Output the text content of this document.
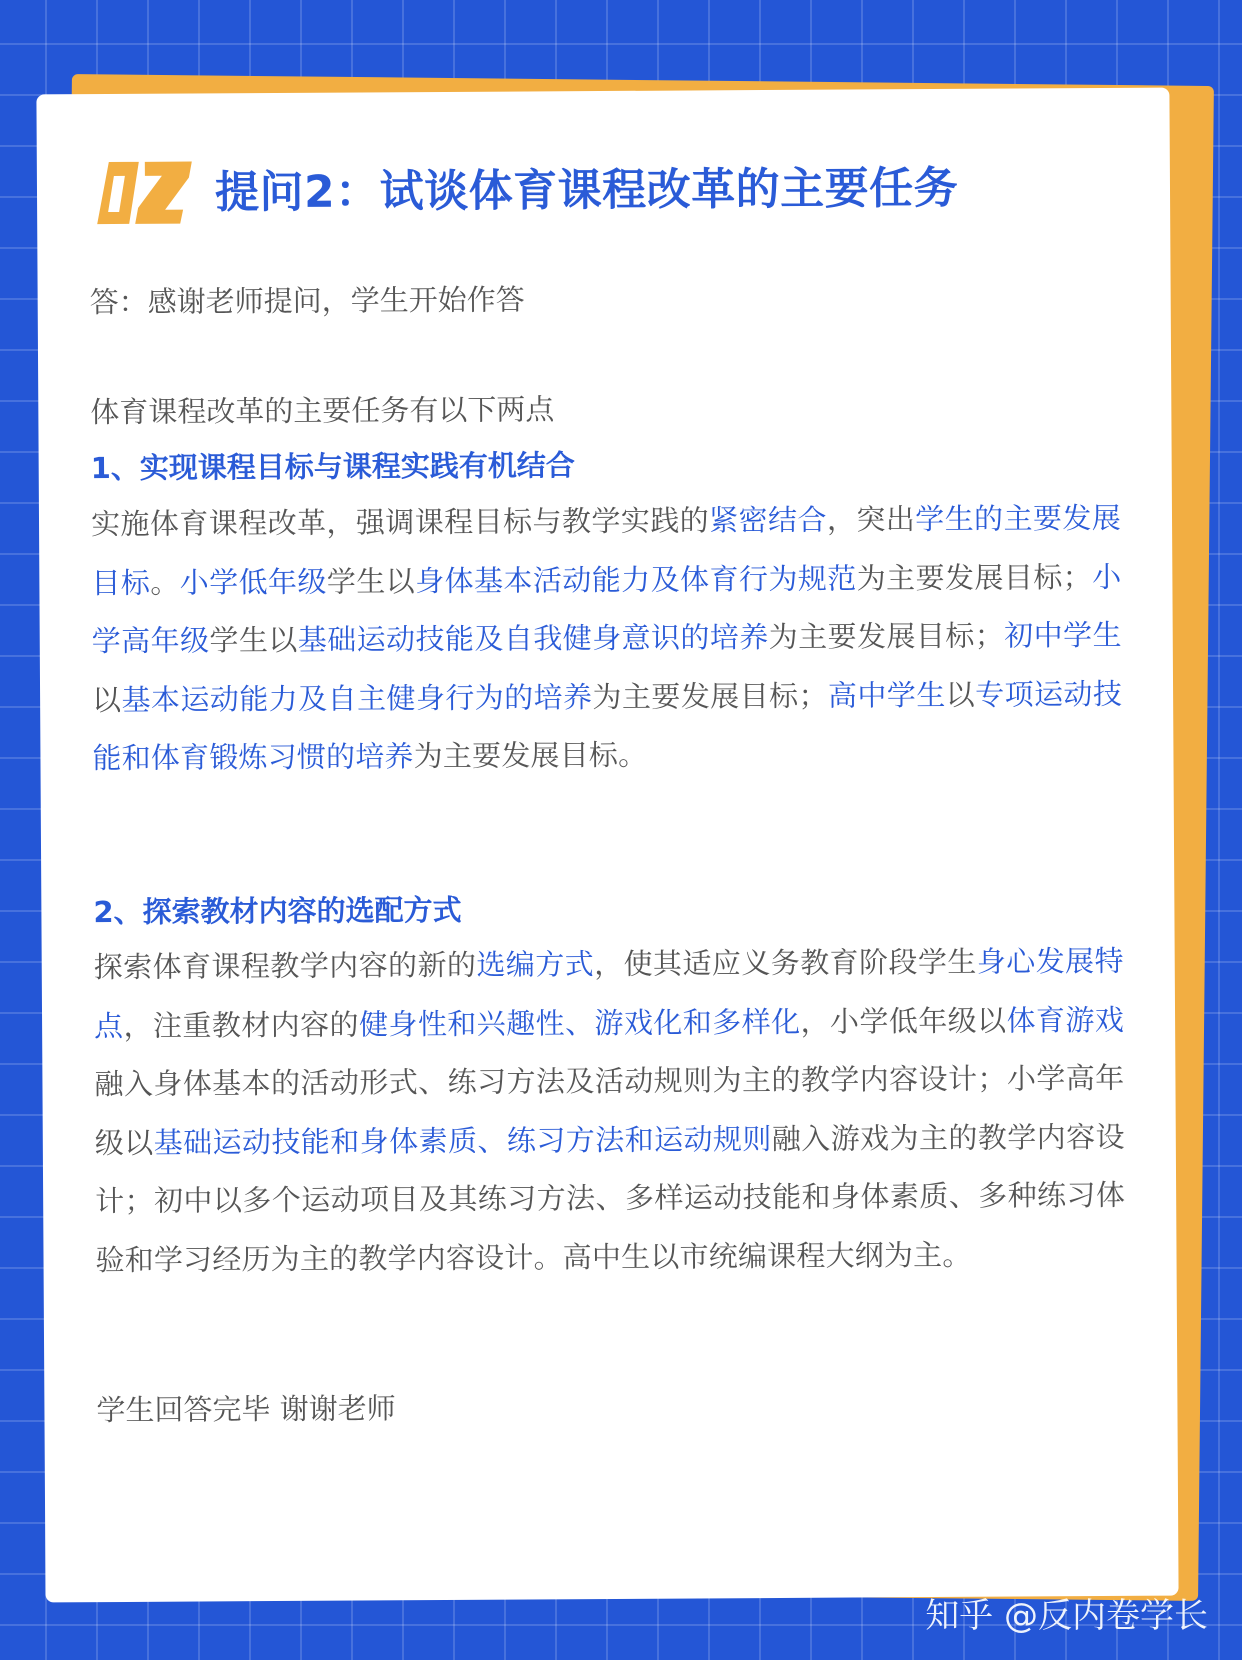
提问2：试谈体育课程改革的主要任务

答：感谢老师提问，学生开始作答

体育课程改革的主要任务有以下两点

1、实现课程目标与课程实践有机结合

实施体育课程改革，强调课程目标与教学实践的紧密结合，突出学生的主要发展目标。小学低年级学生以身体基本活动能力及体育行为规范为主要发展目标；小学高年级学生以基础运动技能及自我健身意识的培养为主要发展目标；初中学生以基本运动能力及自主健身行为的培养为主要发展目标；高中学生以专项运动技能和体育锻炼习惯的培养为主要发展目标。

2、探索教材内容的选配方式

探索体育课程教学内容的新的选编方式，使其适应义务教育阶段学生身心发展特点，注重教材内容的健身性和兴趣性、游戏化和多样化，小学低年级以体育游戏融入身体基本的活动形式、练习方法及活动规则为主的教学内容设计；小学高年级以基础运动技能和身体素质、练习方法和运动规则融入游戏为主的教学内容设计；初中以多个运动项目及其练习方法、多样运动技能和身体素质、多种练习体验和学习经历为主的教学内容设计。高中生以市统编课程大纲为主。

学生回答完毕 谢谢老师

知乎 @反内卷学长
